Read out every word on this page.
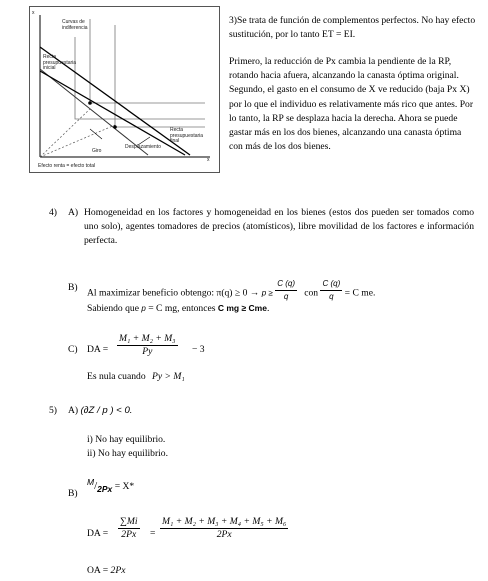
x
x
Curvas de indiferencia
Recta presupuestaria inicial
Recta presupuestaria final
Giro
Desplazamiento
Efecto renta = efecto total
3)Se trata de función de complementos perfectos. No hay efecto sustitución, por lo tanto ET = EI.
Primero, la reducción de Px cambia la pendiente de la RP, rotando hacia afuera, alcanzando la canasta óptima original. Segundo, el gasto en el consumo de X ve reducido (baja Px X) por lo que el individuo es relativamente más rico que antes. Por lo tanto, la RP se desplaza hacia la derecha. Ahora se puede gastar más en los dos bienes, alcanzando una canasta óptima con más de los dos bienes.
4) A) Homogeneidad en los factores y homogeneidad en los bienes (estos dos pueden ser tomados como uno solo), agentes tomadores de precios (atomísticos), libre movilidad de los factores e información perfecta.
B)
Al maximizar beneficio obtengo: $\pi(q) \ge 0 \to p \ge \frac{C (q)}{q}$ con $\frac{C (q)}{q} = C$ me.
Sabiendo que p = C mg, entonces C mg ≥ Cme.
C) DA = $\frac{\text{M₁ + M₂ + M₃}}{Py} - 3$
Es nula cuando Py > M₁
5) A) (∂Z / p ) < 0.
i) No hay equilibrio.
ii) No hay equilibrio.
B)
M/2Px = X*
DA = $\frac{\sum Mi}{2Px} = \frac{\text{M₁ + M₂ + M₃ + M₄ + M₅ + M₆}}{2Px}$
OA = 2Px
